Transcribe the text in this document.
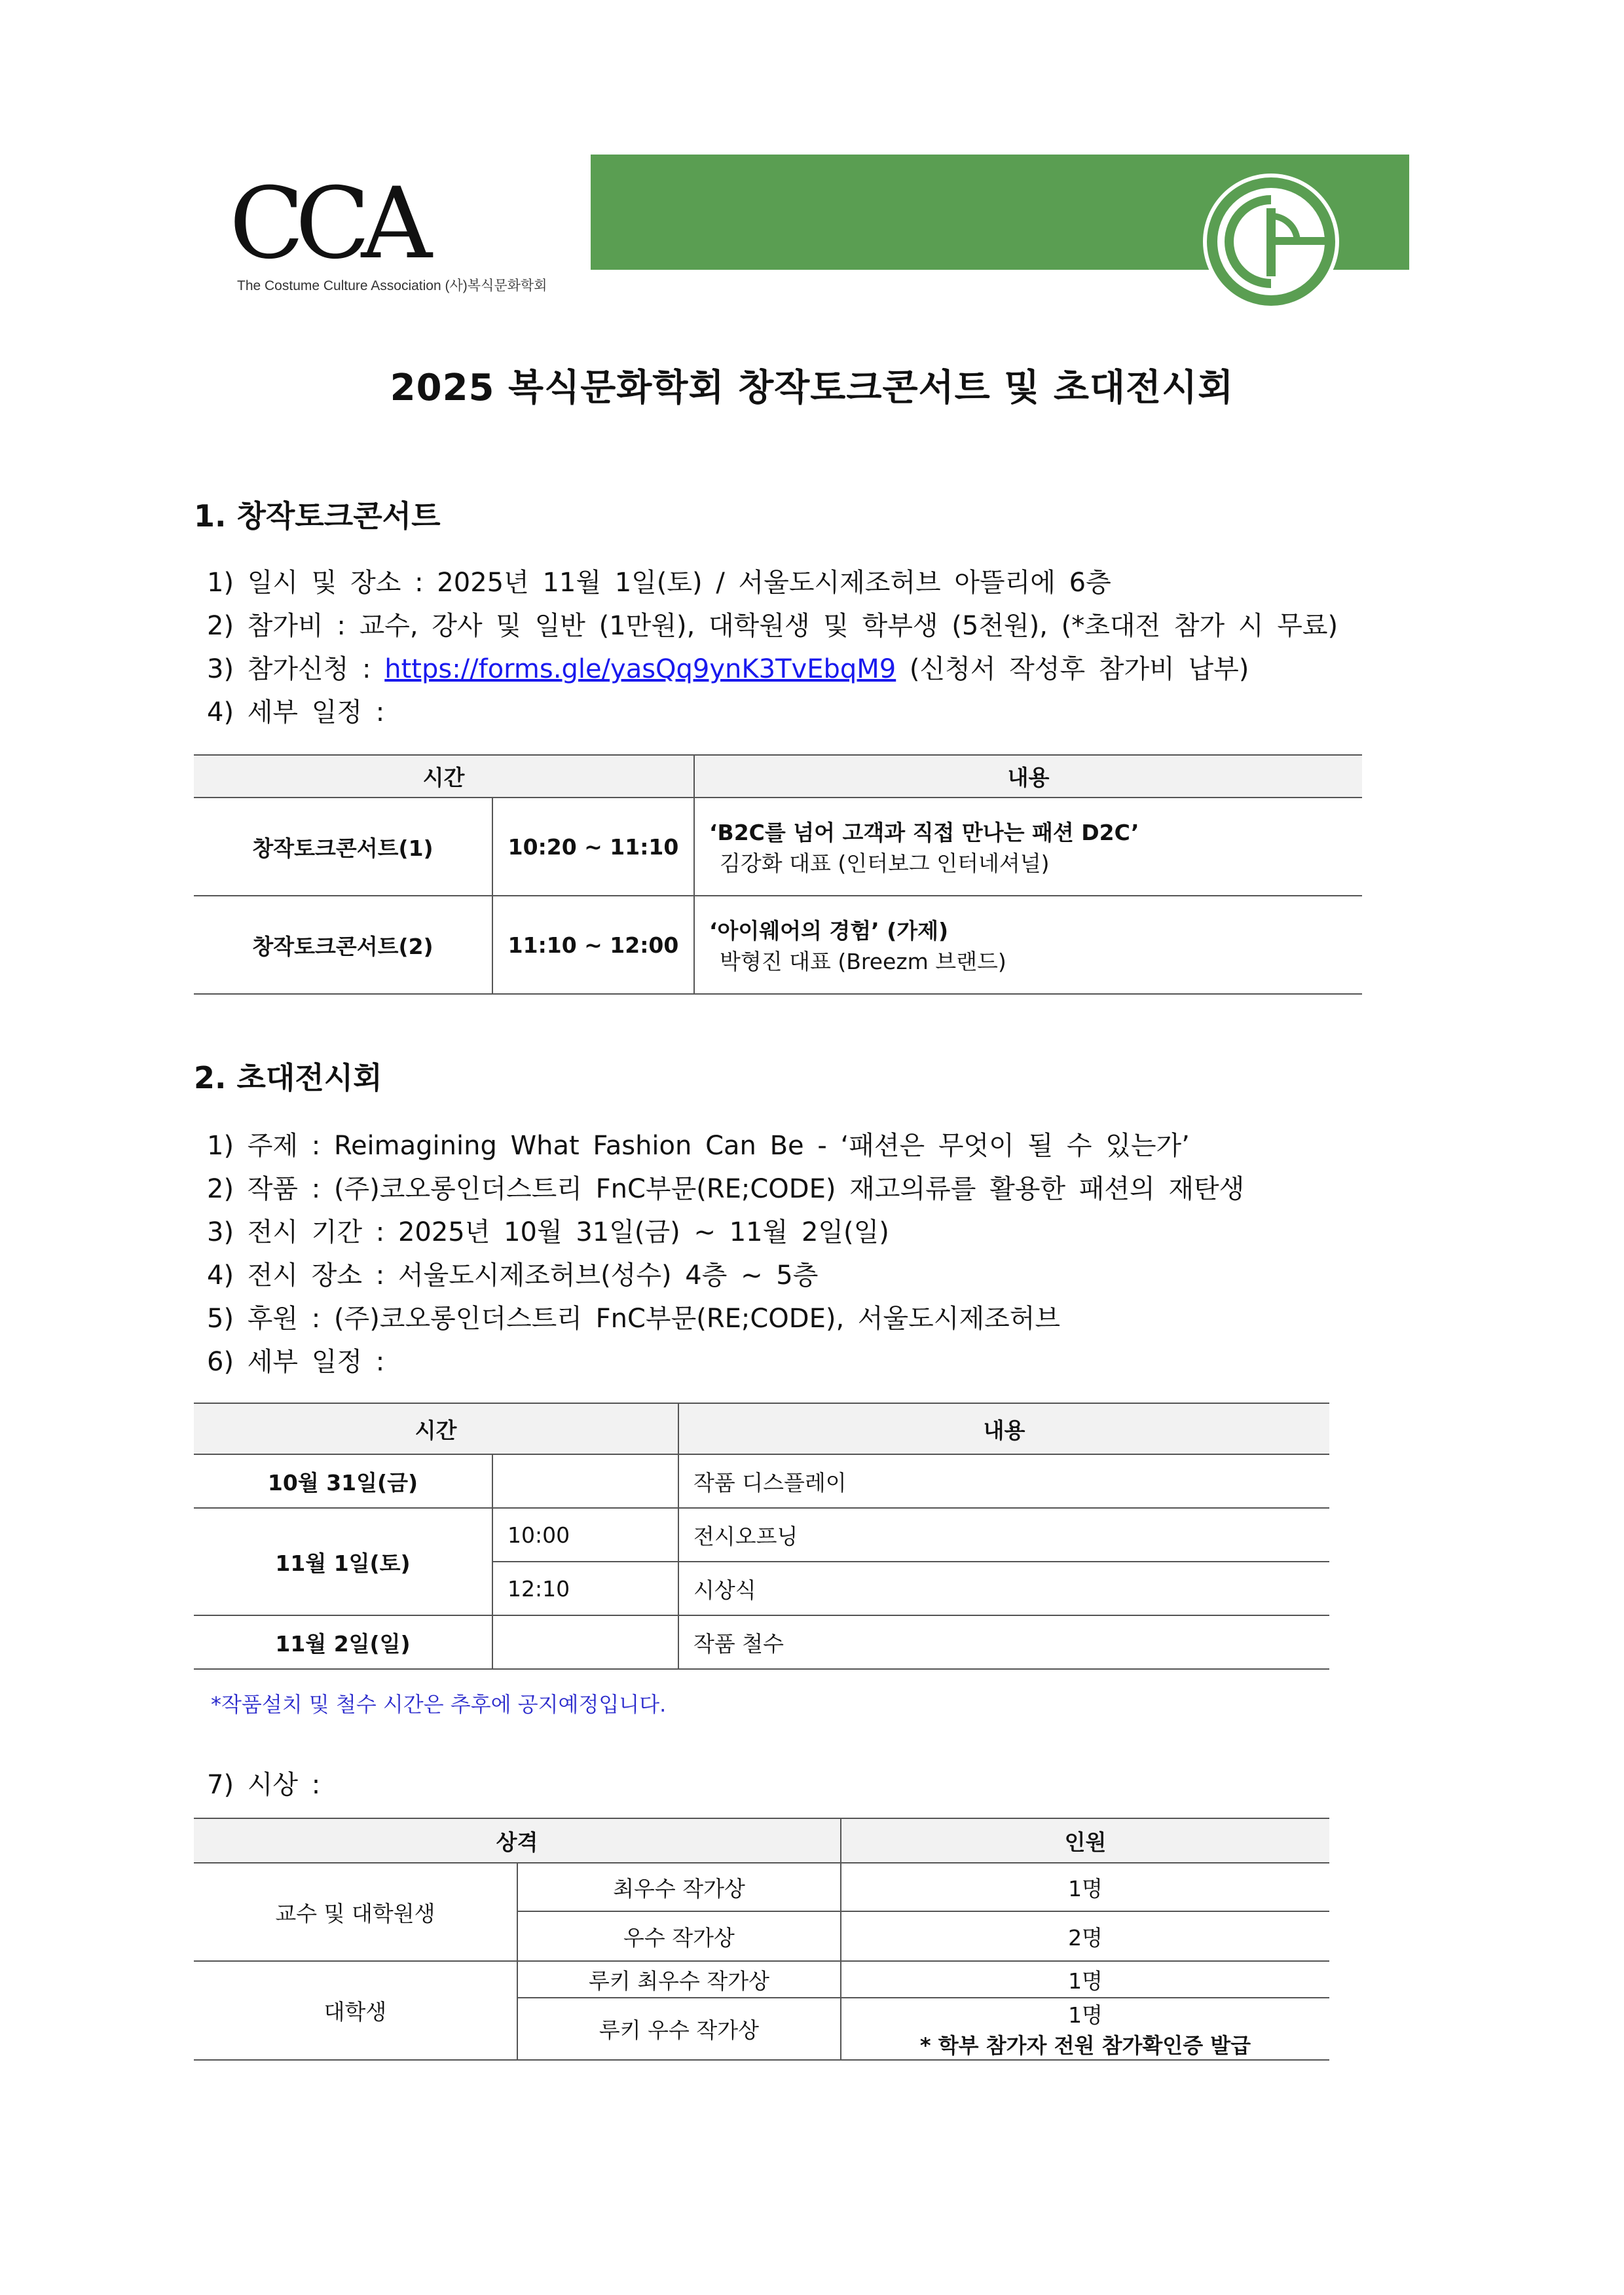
CCA
The Costume Culture Association (사)복식문화학회
2025 복식문화학회 창작토크콘서트 및 초대전시회
1. 창작토크콘서트

1) 일시 및 장소 : 2025년 11월 1일(토) / 서울도시제조허브 아뜰리에 6층

2) 참가비 : 교수, 강사 및 일반 (1만원), 대학원생 및 학부생 (5천원), (*초대전 참가 시 무료)

3) 참가신청 : https://forms.gle/yasQq9ynK3TvEbqM9 (신청서 작성후 참가비 납부)

4) 세부 일정 :

시간		내용
창작토크콘서트(1)	10:20 ~ 11:10	‘B2C를 넘어 고객과 직접 만나는 패션 D2C’
김강화 대표 (인터보그 인터네셔널)

창작토크콘서트(2)	11:10 ~ 12:00	‘아이웨어의 경험’ (가제)
박형진 대표 (Breezm 브랜드)
2. 초대전시회

1) 주제 : Reimagining What Fashion Can Be - ‘패션은 무엇이 될 수 있는가’

2) 작품 : (주)코오롱인더스트리 FnC부문(RE;CODE) 재고의류를 활용한 패션의 재탄생

3) 전시 기간 : 2025년 10월 31일(금) ~ 11월 2일(일)

4) 전시 장소 : 서울도시제조허브(성수) 4층 ~ 5층

5) 후원 : (주)코오롱인더스트리 FnC부문(RE;CODE), 서울도시제조허브

6) 세부 일정 :

시간		내용
10월 31일(금)		작품 디스플레이
11월 1일(토)	10:00	전시오프닝
	12:10	시상식
11월 2일(일)		작품 철수

*작품설치 및 철수 시간은 추후에 공지예정입니다.

7) 시상 :

상격		인원
교수 및 대학원생	최우수 작가상	1명
	우수 작가상	2명
대학생	루키 최우수 작가상	1명
	루키 우수 작가상	1명
* 학부 참가자 전원 참가확인증 발급
